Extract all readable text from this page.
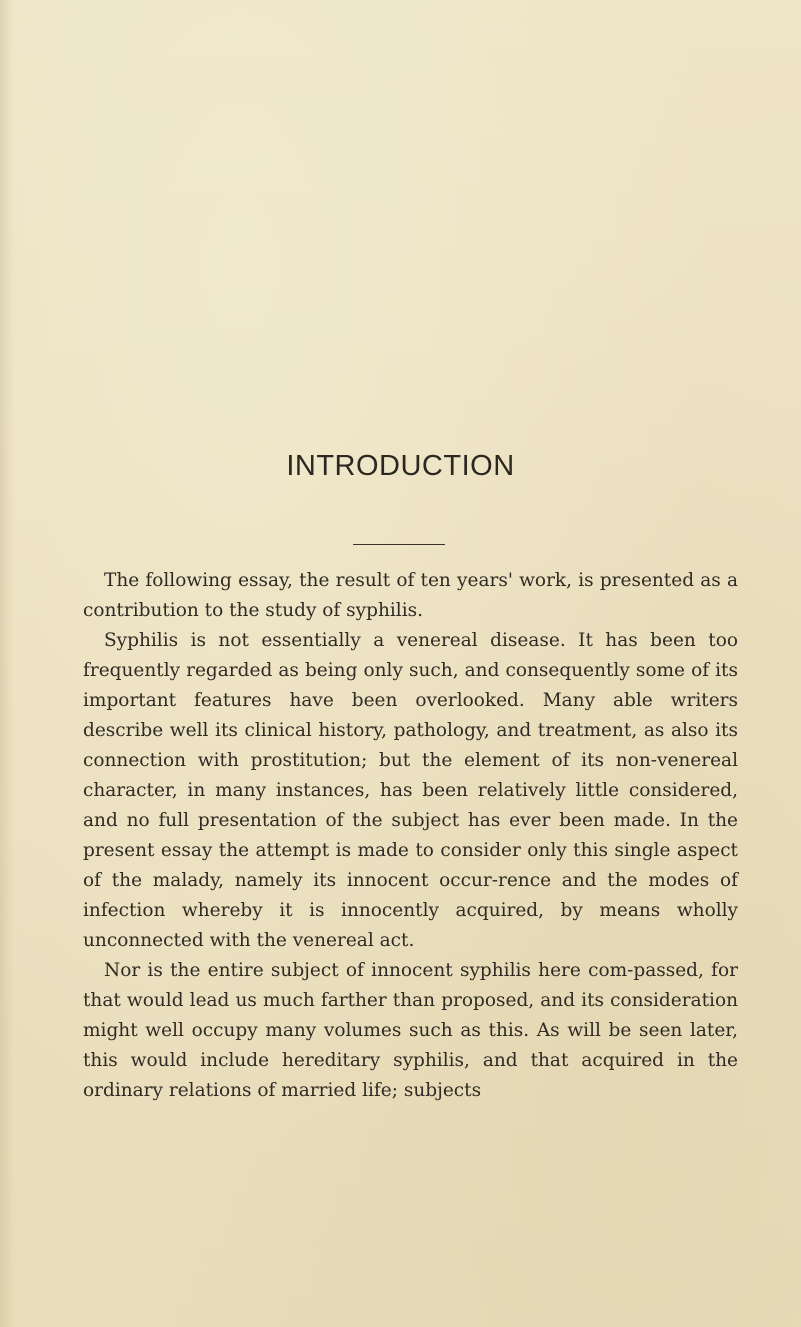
INTRODUCTION

The following essay, the result of ten years' work, is presented as a contribution to the study of syphilis.

Syphilis is not essentially a venereal disease. It has been too frequently regarded as being only such, and consequently some of its important features have been overlooked. Many able writers describe well its clinical history, pathology, and treatment, as also its connection with prostitution; but the element of its non-venereal character, in many instances, has been relatively little considered, and no full presentation of the subject has ever been made. In the present essay the attempt is made to consider only this single aspect of the malady, namely its innocent occur-rence and the modes of infection whereby it is innocently acquired, by means wholly unconnected with the venereal act.

Nor is the entire subject of innocent syphilis here com-passed, for that would lead us much farther than proposed, and its consideration might well occupy many volumes such as this. As will be seen later, this would include hereditary syphilis, and that acquired in the ordinary relations of married life; subjects
